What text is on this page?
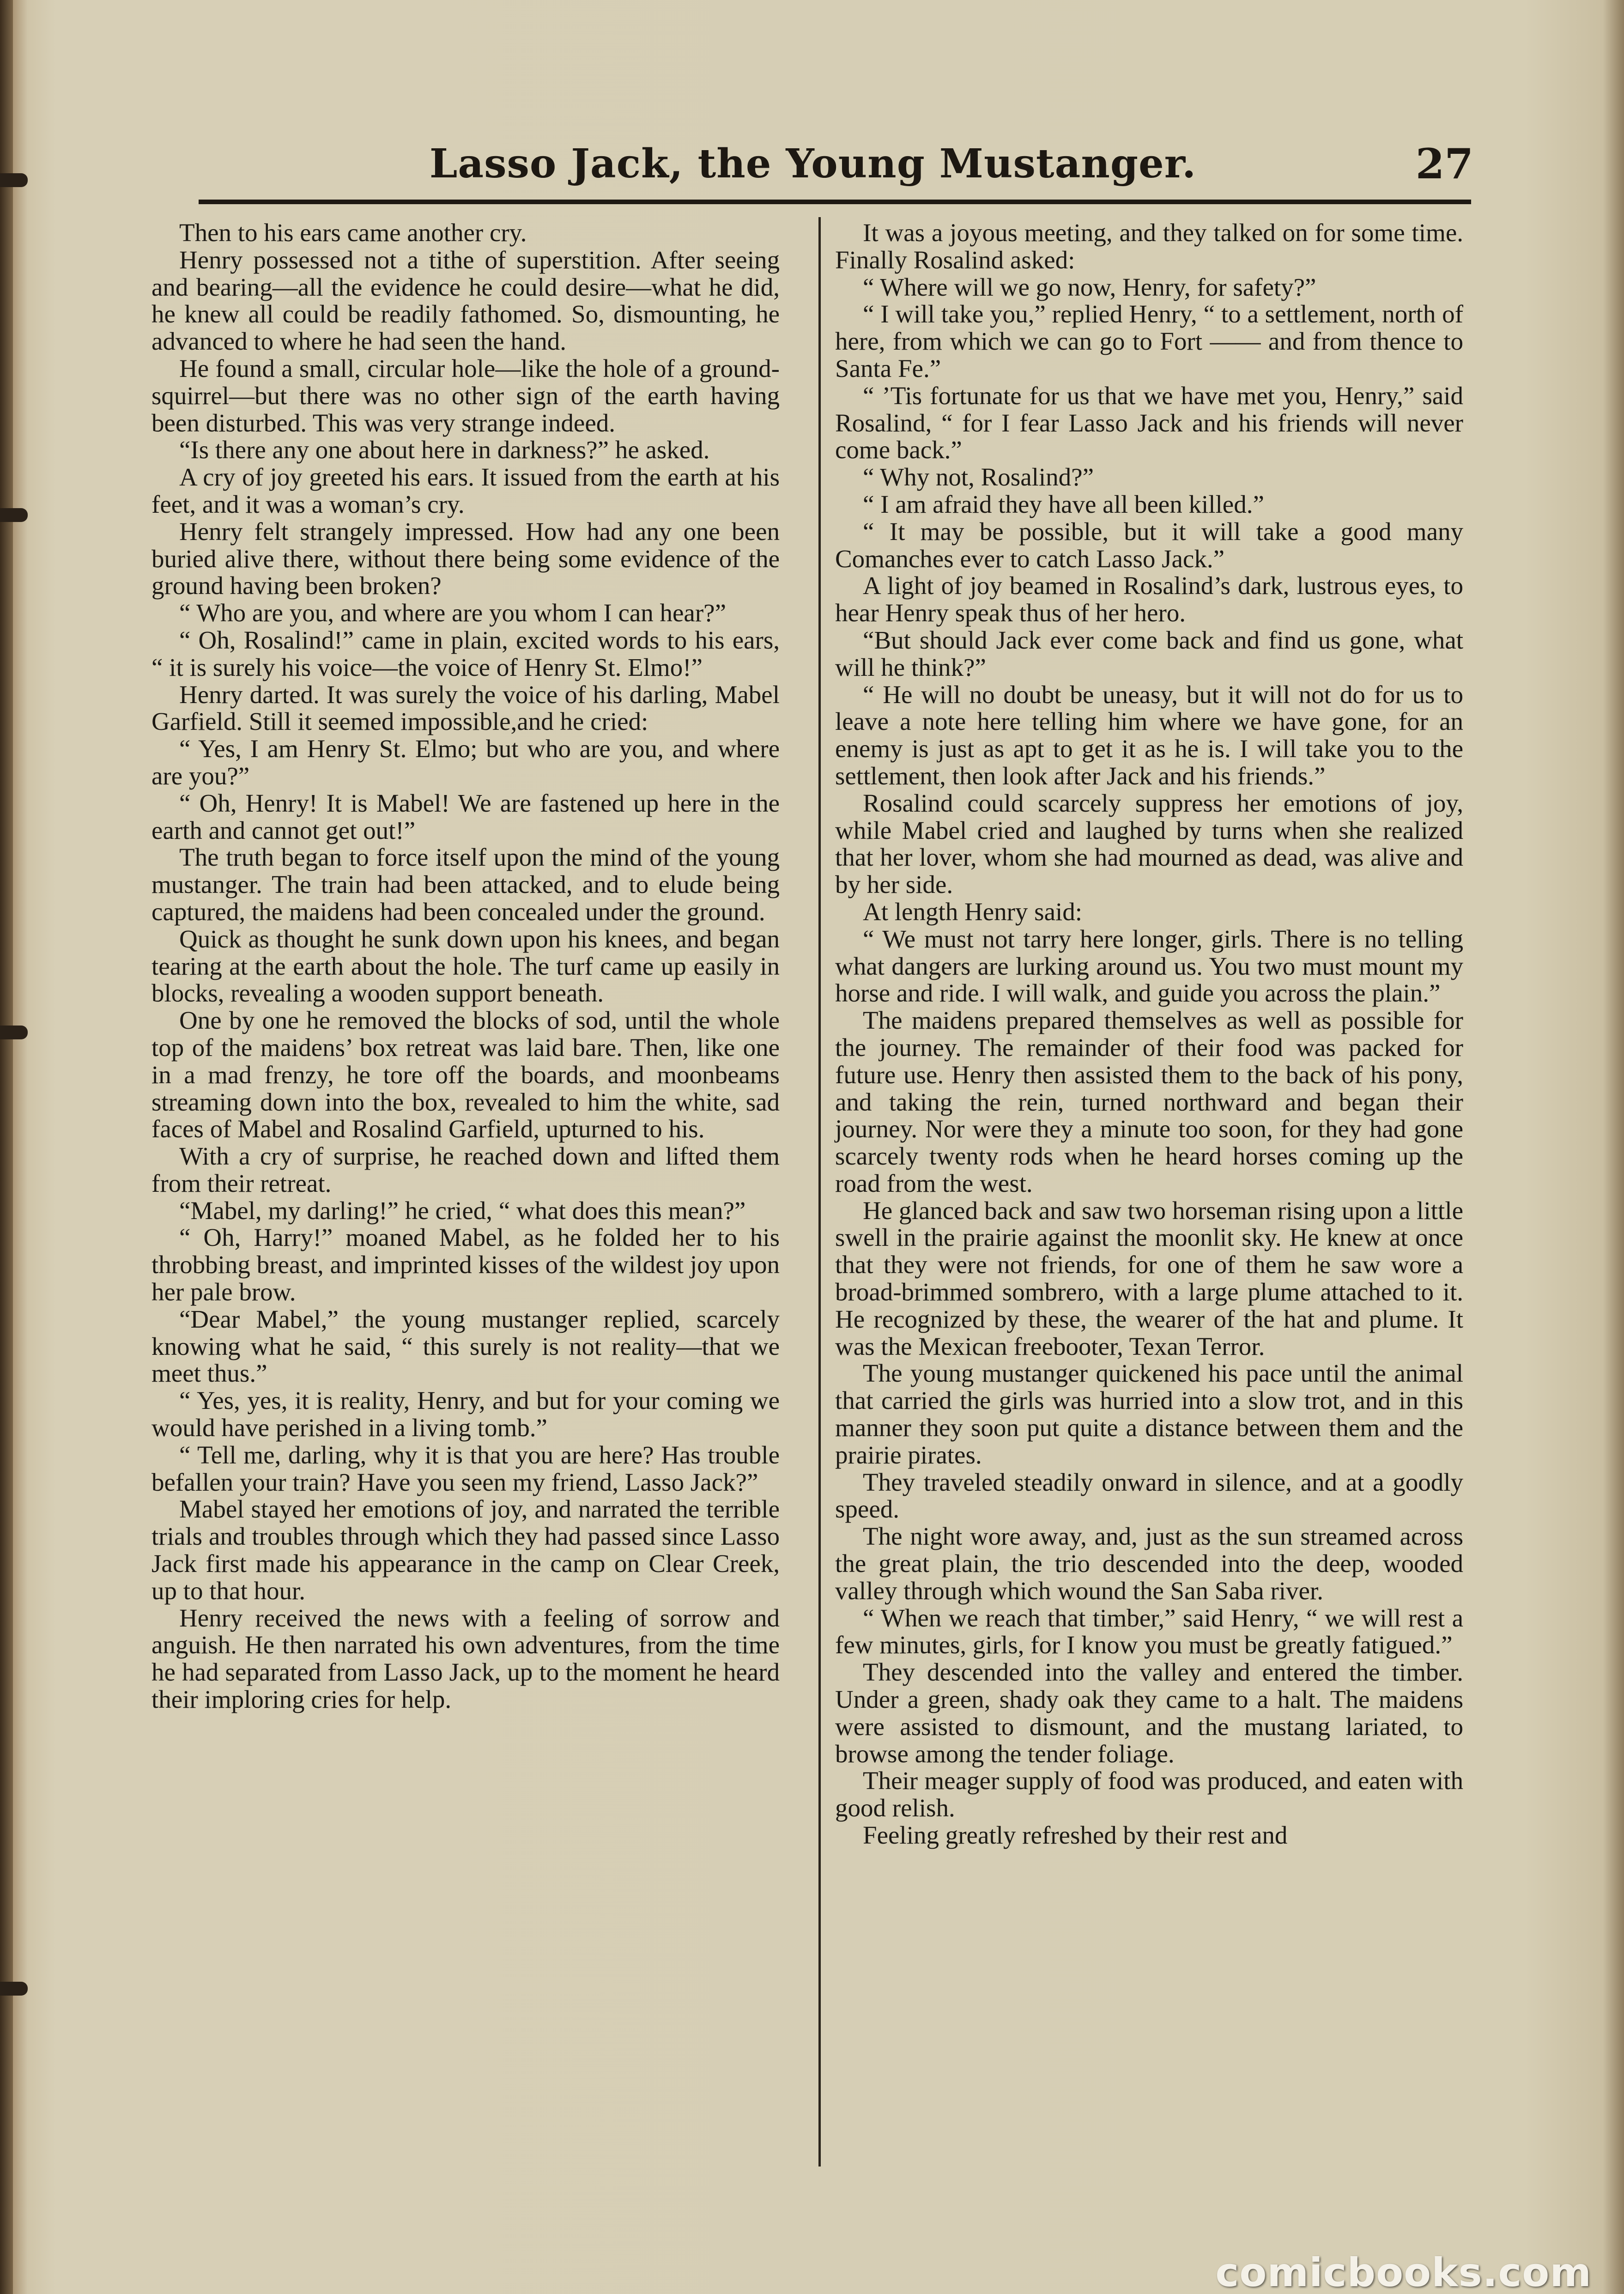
Lasso Jack, the Young Mustanger.	27

Then to his ears came another cry.

Henry possessed not a tithe of superstition. After seeing and bearing—all the evidence he could desire—what he did, he knew all could be readily fathomed. So, dismounting, he advanced to where he had seen the hand.

He found a small, circular hole—like the hole of a ground-squirrel—but there was no other sign of the earth having been disturbed. This was very strange indeed.

“Is there any one about here in darkness?” he asked.

A cry of joy greeted his ears. It issued from the earth at his feet, and it was a woman’s cry.

Henry felt strangely impressed. How had any one been buried alive there, without there being some evidence of the ground having been broken?

“ Who are you, and where are you whom I can hear?”

“ Oh, Rosalind!” came in plain, excited words to his ears, “ it is surely his voice—the voice of Henry St. Elmo!”

Henry darted. It was surely the voice of his darling, Mabel Garfield. Still it seemed impossible,and he cried:

“ Yes, I am Henry St. Elmo; but who are you, and where are you?”

“ Oh, Henry! It is Mabel! We are fastened up here in the earth and cannot get out!”

The truth began to force itself upon the mind of the young mustanger. The train had been attacked, and to elude being captured, the maidens had been concealed under the ground.

Quick as thought he sunk down upon his knees, and began tearing at the earth about the hole. The turf came up easily in blocks, revealing a wooden support beneath.

One by one he removed the blocks of sod, until the whole top of the maidens’ box retreat was laid bare. Then, like one in a mad frenzy, he tore off the boards, and moonbeams streaming down into the box, revealed to him the white, sad faces of Mabel and Rosalind Garfield, upturned to his.

With a cry of surprise, he reached down and lifted them from their retreat.

“Mabel, my darling!” he cried, “ what does this mean?”

“ Oh, Harry!” moaned Mabel, as he folded her to his throbbing breast, and imprinted kisses of the wildest joy upon her pale brow.

“Dear Mabel,” the young mustanger replied, scarcely knowing what he said, “ this surely is not reality—that we meet thus.”

“ Yes, yes, it is reality, Henry, and but for your coming we would have perished in a living tomb.”

“ Tell me, darling, why it is that you are here? Has trouble befallen your train? Have you seen my friend, Lasso Jack?”

Mabel stayed her emotions of joy, and narrated the terrible trials and troubles through which they had passed since Lasso Jack first made his appearance in the camp on Clear Creek, up to that hour.

Henry received the news with a feeling of sorrow and anguish. He then narrated his own adventures, from the time he had separated from Lasso Jack, up to the moment he heard their imploring cries for help.

It was a joyous meeting, and they talked on for some time. Finally Rosalind asked:

“ Where will we go now, Henry, for safety?”

“ I will take you,” replied Henry, “ to a settlement, north of here, from which we can go to Fort —— and from thence to Santa Fe.”

“ ’Tis fortunate for us that we have met you, Henry,” said Rosalind, “ for I fear Lasso Jack and his friends will never come back.”

“ Why not, Rosalind?”

“ I am afraid they have all been killed.”

“ It may be possible, but it will take a good many Comanches ever to catch Lasso Jack.”

A light of joy beamed in Rosalind’s dark, lustrous eyes, to hear Henry speak thus of her hero.

“But should Jack ever come back and find us gone, what will he think?”

“ He will no doubt be uneasy, but it will not do for us to leave a note here telling him where we have gone, for an enemy is just as apt to get it as he is. I will take you to the settlement, then look after Jack and his friends.”

Rosalind could scarcely suppress her emotions of joy, while Mabel cried and laughed by turns when she realized that her lover, whom she had mourned as dead, was alive and by her side.

At length Henry said:

“ We must not tarry here longer, girls. There is no telling what dangers are lurking around us. You two must mount my horse and ride. I will walk, and guide you across the plain.”

The maidens prepared themselves as well as possible for the journey. The remainder of their food was packed for future use. Henry then assisted them to the back of his pony, and taking the rein, turned northward and began their journey. Nor were they a minute too soon, for they had gone scarcely twenty rods when he heard horses coming up the road from the west.

He glanced back and saw two horseman rising upon a little swell in the prairie against the moonlit sky. He knew at once that they were not friends, for one of them he saw wore a broad-brimmed sombrero, with a large plume attached to it. He recognized by these, the wearer of the hat and plume. It was the Mexican freebooter, Texan Terror.

The young mustanger quickened his pace until the animal that carried the girls was hurried into a slow trot, and in this manner they soon put quite a distance between them and the prairie pirates.

They traveled steadily onward in silence, and at a goodly speed.

The night wore away, and, just as the sun streamed across the great plain, the trio descended into the deep, wooded valley through which wound the San Saba river.

“ When we reach that timber,” said Henry, “ we will rest a few minutes, girls, for I know you must be greatly fatigued.”

They descended into the valley and entered the timber. Under a green, shady oak they came to a halt. The maidens were assisted to dismount, and the mustang lariated, to browse among the tender foliage.

Their meager supply of food was produced, and eaten with good relish.

Feeling greatly refreshed by their rest and

comicbooks.com
